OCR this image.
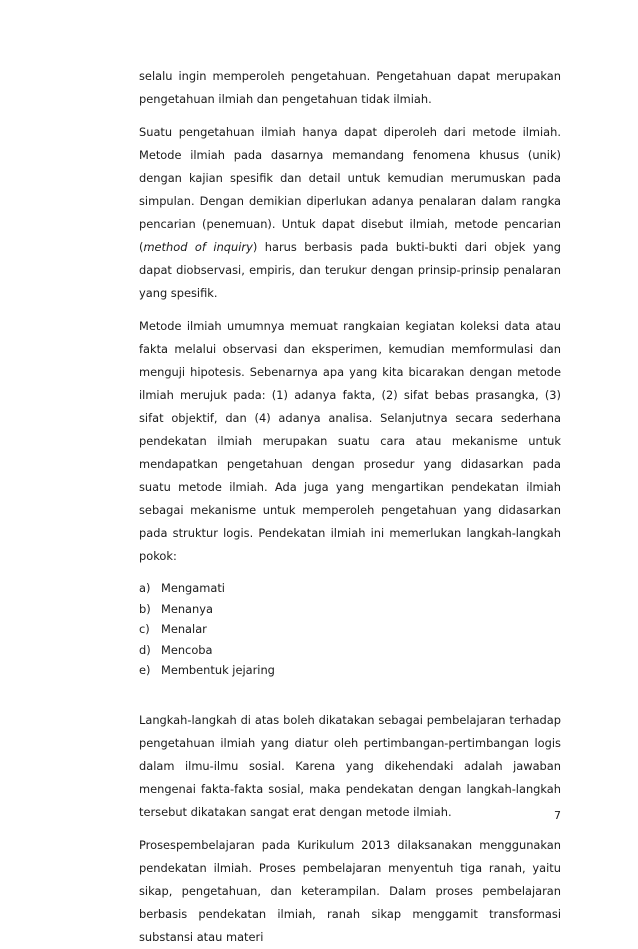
selalu ingin memperoleh pengetahuan. Pengetahuan dapat merupakan pengetahuan ilmiah dan pengetahuan tidak ilmiah.

Suatu pengetahuan ilmiah hanya dapat diperoleh dari metode ilmiah. Metode ilmiah pada dasarnya memandang fenomena khusus (unik) dengan kajian spesifik dan detail untuk kemudian merumuskan pada simpulan. Dengan demikian diperlukan adanya penalaran dalam rangka pencarian (penemuan). Untuk dapat disebut ilmiah, metode pencarian (method of inquiry) harus berbasis pada bukti-bukti dari objek yang dapat diobservasi, empiris, dan terukur dengan prinsip-prinsip penalaran yang spesifik.

Metode ilmiah umumnya memuat rangkaian kegiatan koleksi data atau fakta melalui observasi dan eksperimen, kemudian memformulasi dan menguji hipotesis. Sebenarnya apa yang kita bicarakan dengan metode ilmiah merujuk pada: (1) adanya fakta, (2) sifat bebas prasangka, (3) sifat objektif, dan (4) adanya analisa. Selanjutnya secara sederhana pendekatan ilmiah merupakan suatu cara atau mekanisme untuk mendapatkan pengetahuan dengan prosedur yang didasarkan pada suatu metode ilmiah. Ada juga yang mengartikan pendekatan ilmiah sebagai mekanisme untuk memperoleh pengetahuan yang didasarkan pada struktur logis. Pendekatan ilmiah ini memerlukan langkah-langkah pokok:

a) Mengamati
b) Menanya
c) Menalar
d) Mencoba
e) Membentuk jejaring

Langkah-langkah di atas boleh dikatakan sebagai pembelajaran terhadap pengetahuan ilmiah yang diatur oleh pertimbangan-pertimbangan logis dalam ilmu-ilmu sosial. Karena yang dikehendaki adalah jawaban mengenai fakta-fakta sosial, maka pendekatan dengan langkah-langkah tersebut dikatakan sangat erat dengan metode ilmiah.

Prosespembelajaran pada Kurikulum 2013 dilaksanakan menggunakan pendekatan ilmiah. Proses pembelajaran menyentuh tiga ranah, yaitu sikap, pengetahuan, dan keterampilan. Dalam proses pembelajaran berbasis pendekatan ilmiah, ranah sikap menggamit transformasi substansi atau materi

7
